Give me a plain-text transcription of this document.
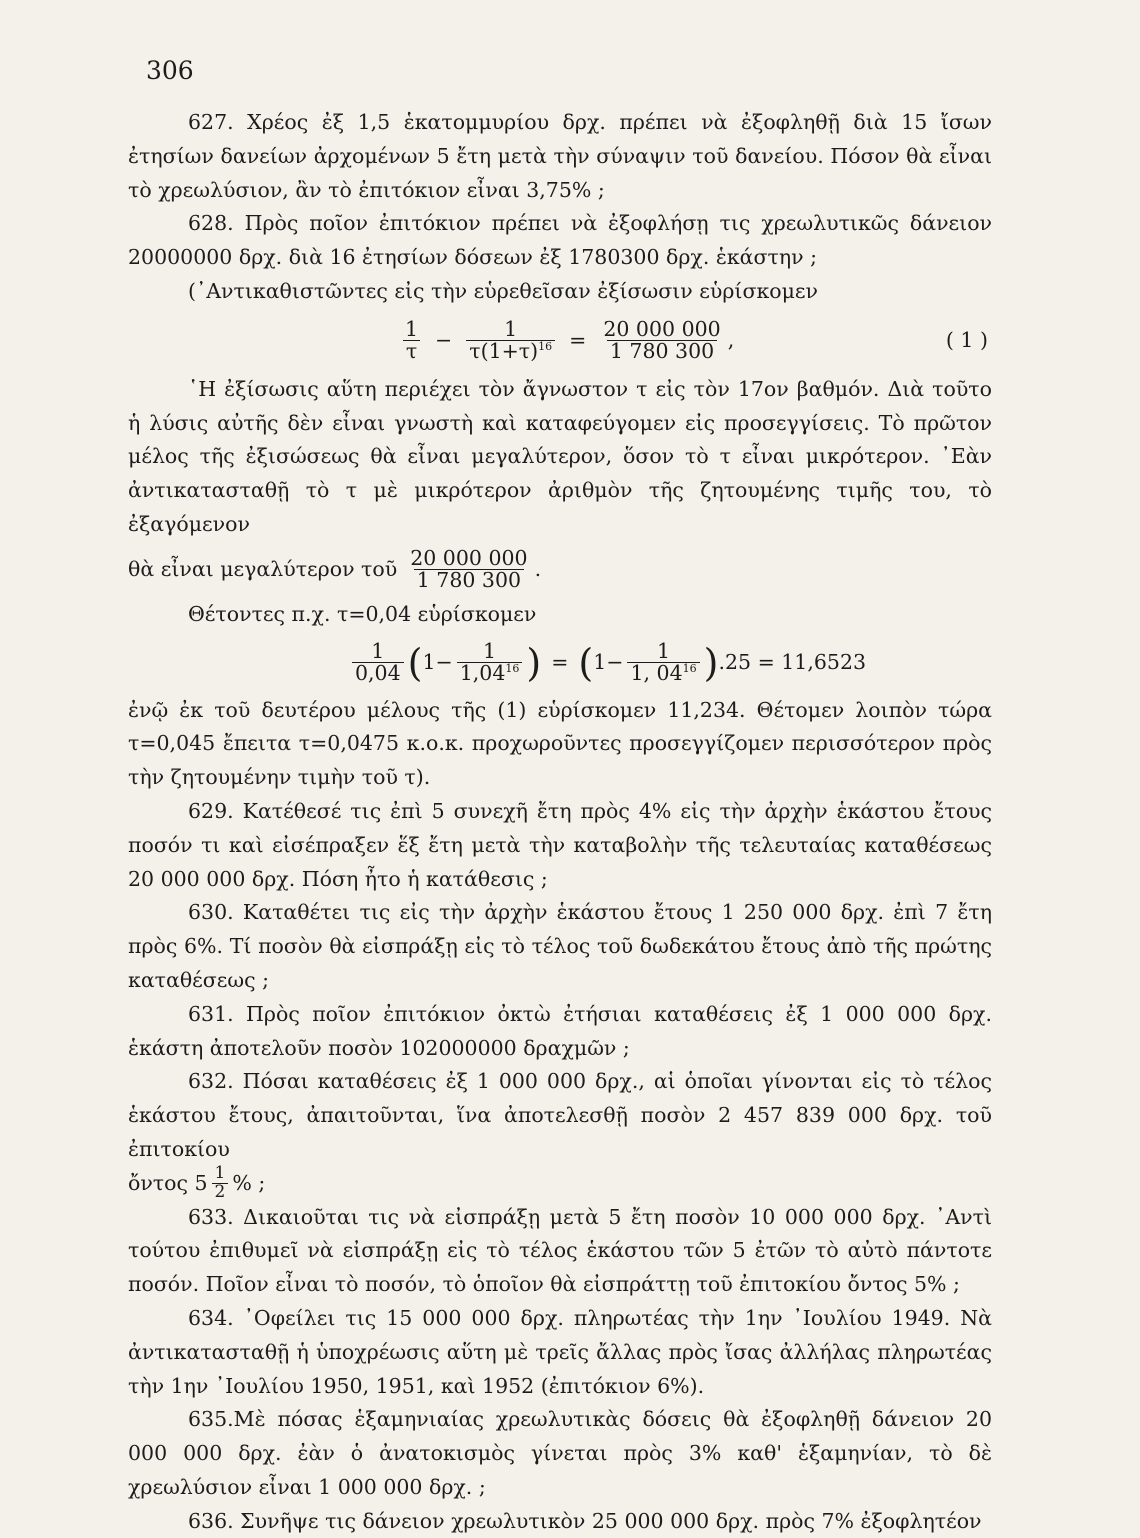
306

627. Χρέος ἐξ 1,5 ἑκατομμυρίου δρχ. πρέπει νὰ ἐξοφληθῇ διὰ 15 ἴσων ἐτησίων δανείων ἀρχομένων 5 ἔτη μετὰ τὴν σύναψιν τοῦ δανείου. Πόσον θὰ εἶναι τὸ χρεωλύσιον, ἂν τὸ ἐπιτόκιον εἶναι 3,75% ;

628. Πρὸς ποῖον ἐπιτόκιον πρέπει νὰ ἐξοφλήσῃ τις χρεωλυτικῶς δάνειον 20000000 δρχ. διὰ 16 ἐτησίων δόσεων ἐξ 1780300 δρχ. ἑκάστην ;

(᾿Αντικαθιστῶντες εἰς τὴν εὑρεθεῖσαν ἐξίσωσιν εὑρίσκομεν

$\frac{1}{\tau} - \frac{1}{\tau(1+\tau)^{16}} = \frac{20 000 000}{1 780 300}$ ,	( 1 )

῾Η ἐξίσωσις αὕτη περιέχει τὸν ἄγνωστον τ εἰς τὸν 17ον βαθμόν. Διὰ τοῦτο ἡ λύσις αὐτῆς δὲν εἶναι γνωστὴ καὶ καταφεύγομεν εἰς προσεγγίσεις. Τὸ πρῶτον μέλος τῆς ἐξισώσεως θὰ εἶναι μεγαλύτερον, ὅσον τὸ τ εἶναι μικρότερον. ᾿Εὰν ἀντικατασταθῇ τὸ τ μὲ μικρότερον ἀριθμὸν τῆς ζητουμένης τιμῆς του, τὸ ἐξαγόμενον

θὰ εἶναι μεγαλύτερον τοῦ $\frac{20 000 000}{1 780 300}$ .

Θέτοντες π.χ. τ=0,04 εὑρίσκομεν

$\frac{1}{0,04}$ ( $1- \frac{1}{1,04^{16}}$ ) = ( $1- \frac{1}{1, 04^{16}}$ ) .25 = 11,6523

ἐνῷ ἐκ τοῦ δευτέρου μέλους τῆς (1) εὑρίσκομεν 11,234. Θέτομεν λοιπὸν τώρα τ=0,045 ἔπειτα τ=0,0475 κ.ο.κ. προχωροῦντες προσεγγίζομεν περισσότερον πρὸς τὴν ζητουμένην τιμὴν τοῦ τ).

629. Κατέθεσέ τις ἐπὶ 5 συνεχῆ ἔτη πρὸς 4% εἰς τὴν ἀρχὴν ἑκάστου ἔτους ποσόν τι καὶ εἰσέπραξεν ἕξ ἔτη μετὰ τὴν καταβολὴν τῆς τελευταίας καταθέσεως 20 000 000 δρχ. Πόση ἦτο ἡ κατάθεσις ;

630. Καταθέτει τις εἰς τὴν ἀρχὴν ἑκάστου ἔτους 1 250 000 δρχ. ἐπὶ 7 ἔτη πρὸς 6%. Τί ποσὸν θὰ εἰσπράξῃ εἰς τὸ τέλος τοῦ δωδεκάτου ἔτους ἀπὸ τῆς πρώτης καταθέσεως ;

631. Πρὸς ποῖον ἐπιτόκιον ὀκτὼ ἐτήσιαι καταθέσεις ἐξ 1 000 000 δρχ. ἑκάστη ἀποτελοῦν ποσὸν 102000000 δραχμῶν ;

632. Πόσαι καταθέσεις ἐξ 1 000 000 δρχ., αἱ ὁποῖαι γίνονται εἰς τὸ τέλος ἑκάστου ἔτους, ἀπαιτοῦνται, ἵνα ἀποτελεσθῇ ποσὸν 2 457 839 000 δρχ. τοῦ ἐπιτοκίου

ὄντος $5 \frac{1}{2}$ % ;

633. Δικαιοῦται τις νὰ εἰσπράξῃ μετὰ 5 ἔτη ποσὸν 10 000 000 δρχ. ᾿Αντὶ τούτου ἐπιθυμεῖ νὰ εἰσπράξῃ εἰς τὸ τέλος ἑκάστου τῶν 5 ἐτῶν τὸ αὐτὸ πάντοτε ποσόν. Ποῖον εἶναι τὸ ποσόν, τὸ ὁποῖον θὰ εἰσπράττῃ τοῦ ἐπιτοκίου ὄντος 5% ;

634. ᾿Οφείλει τις 15 000 000 δρχ. πληρωτέας τὴν 1ην ᾿Ιουλίου 1949. Νὰ ἀντικατασταθῇ ἡ ὑποχρέωσις αὕτη μὲ τρεῖς ἄλλας πρὸς ἴσας ἀλλήλας πληρωτέας τὴν 1ην ᾿Ιουλίου 1950, 1951, καὶ 1952 (ἐπιτόκιον 6%).

635.Μὲ πόσας ἑξαμηνιαίας χρεωλυτικὰς δόσεις θὰ ἐξοφληθῇ δάνειον 20 000 000 δρχ. ἐὰν ὁ ἀνατοκισμὸς γίνεται πρὸς 3% καθ' ἑξαμηνίαν, τὸ δὲ χρεωλύσιον εἶναι 1 000 000 δρχ. ;

636. Συνῆψε τις δάνειον χρεωλυτικὸν 25 000 000 δρχ. πρὸς 7% ἐξοφλητέον
